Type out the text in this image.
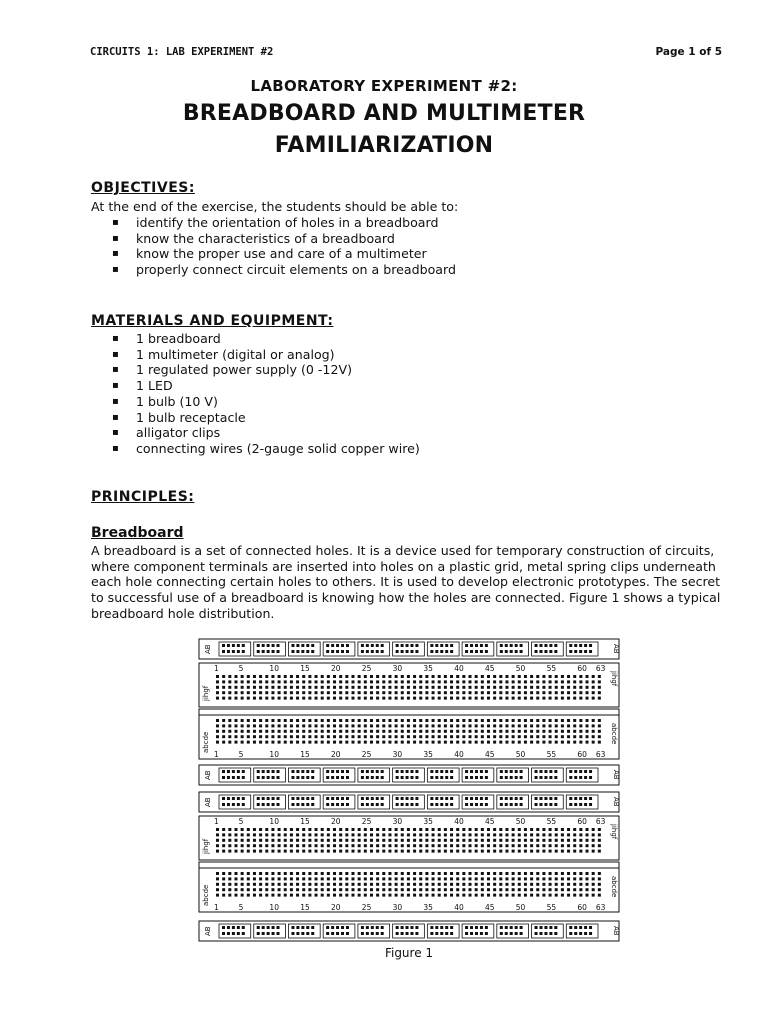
CIRCUITS 1: LAB EXPERIMENT #2	Page 1 of 5
LABORATORY EXPERIMENT #2:
BREADBOARD AND MULTIMETER
FAMILIARIZATION
OBJECTIVES:
At the end of the exercise, the students should be able to:
▪ identify the orientation of holes in a breadboard
▪ know the characteristics of a breadboard
▪ know the proper use and care of a multimeter
▪ properly connect circuit elements on a breadboard
MATERIALS AND EQUIPMENT:
▪ 1 breadboard
▪ 1 multimeter (digital or analog)
▪ 1 regulated power supply (0 -12V)
▪ 1 LED
▪ 1 bulb (10 V)
▪ 1 bulb receptacle
▪ alligator clips
▪ connecting wires (2-gauge solid copper wire)
PRINCIPLES:
Breadboard
A breadboard is a set of connected holes. It is a device used for temporary construction of circuits, where component terminals are inserted into holes on a plastic grid, metal spring clips underneath each hole connecting certain holes to others. It is used to develop electronic prototypes. The secret to successful use of a breadboard is knowing how the holes are connected. Figure 1 shows a typical breadboard hole distribution.
AB	AB
5	10	15	20	25	30	35	40	45	50	55	60 63
1
jihgf
jihgf
abcde	abcde
5	10	15	20	25	30	35	40	45	50	55	60 63
1
AB	AB
AB	AB
5	10	15	20	25	30	35	40	45	50	55	60 63
1
jihgf
jihgf
abcde	abcde
5	10	15	20	25	30	35	40	45	50	55	60 63
1
AB	AB
Figure 1
